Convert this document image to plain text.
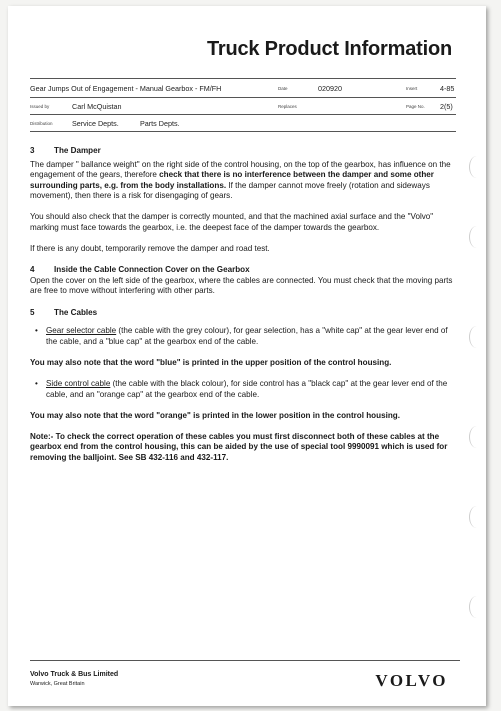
Truck Product Information
Gear Jumps Out of Engagement - Manual Gearbox - FM/FH	Date	020920	Insert	4-85
Issued by	Carl McQuistan	Replaces	Page No. 2(5)
Distribution	Service Depts.	Parts Depts.
3 The Damper

The damper " ballance weight" on the right side of the control housing, on the top of the gearbox, has influence on the engagement of the gears, therefore check that there is no interference between the damper and some other surrounding parts, e.g. from the body installations. If the damper cannot move freely (rotation and sideways movement), then there is a risk for disengaging of gears.

You should also check that the damper is correctly mounted, and that the machined axial surface and the "Volvo" marking must face towards the gearbox, i.e. the deepest face of the damper towards the gearbox.

If there is any doubt, temporarily remove the damper and road test.

4 Inside the Cable Connection Cover on the Gearbox

Open the cover on the left side of the gearbox, where the cables are connected. You must check that the moving parts are free to move without interfering with other parts.

5 The Cables

• Gear selector cable (the cable with the grey colour), for gear selection, has a "white cap" at the gear lever end of the cable, and a "blue cap" at the gearbox end of the cable.

You may also note that the word "blue" is printed in the upper position of the control housing.

• Side control cable (the cable with the black colour), for side control has a "black cap" at the gear lever end of the cable, and an "orange cap" at the gearbox end of the cable.

You may also note that the word "orange" is printed in the lower position in the control housing.

Note:- To check the correct operation of these cables you must first disconnect both of these cables at the gearbox end from the control housing, this can be aided by the use of special tool 9990091 which is used for removing the balljoint. See SB 432-116 and 432-117.

Volvo Truck & Bus Limited
Warwick, Great Britain	VOLVO
